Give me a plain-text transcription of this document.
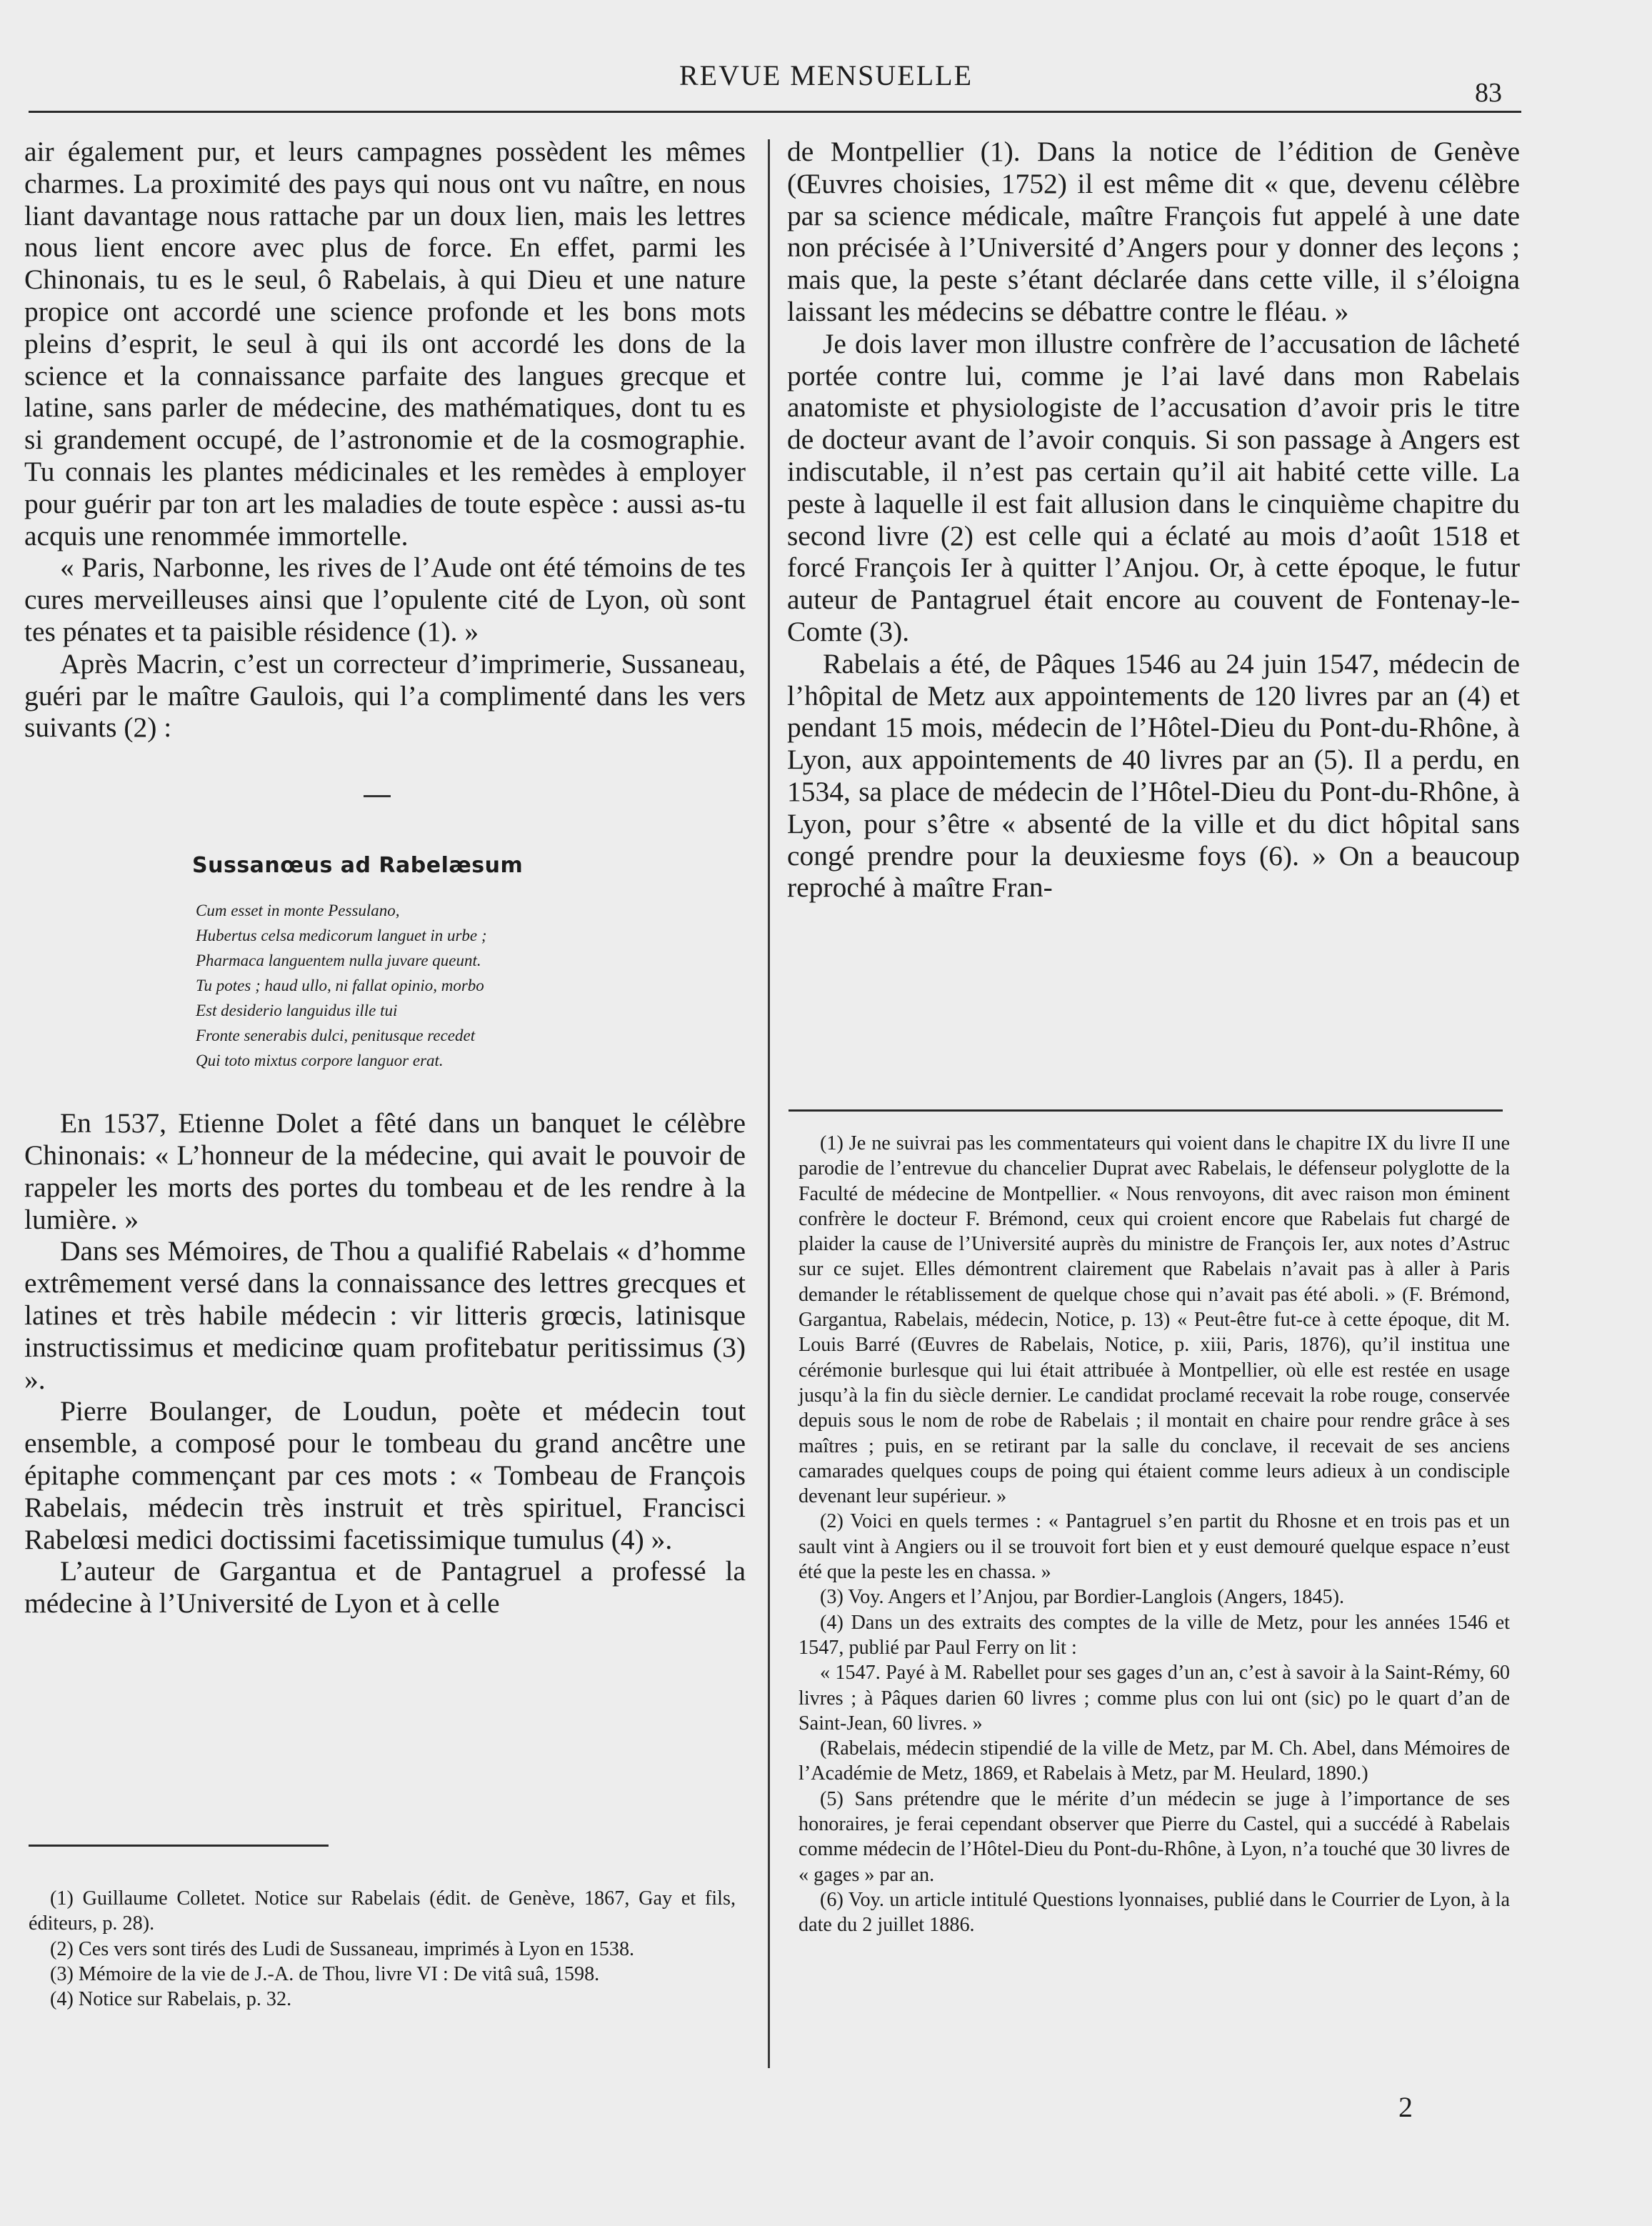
REVUE MENSUELLE
83

air également pur, et leurs campagnes possèdent les mêmes charmes. La proximité des pays qui nous ont vu naître, en nous liant davantage nous rattache par un doux lien, mais les lettres nous lient encore avec plus de force. En effet, parmi les Chinonais, tu es le seul, ô Rabelais, à qui Dieu et une nature propice ont accordé une science profonde et les bons mots pleins d’esprit, le seul à qui ils ont accordé les dons de la science et la connaissance parfaite des langues grecque et latine, sans parler de médecine, des mathématiques, dont tu es si grandement occupé, de l’astronomie et de la cosmographie. Tu connais les plantes médicinales et les remèdes à employer pour guérir par ton art les maladies de toute espèce : aussi as-tu acquis une renommée immortelle.

« Paris, Narbonne, les rives de l’Aude ont été témoins de tes cures merveilleuses ainsi que l’opulente cité de Lyon, où sont tes pénates et ta paisible résidence (1). »

Après Macrin, c’est un correcteur d’imprimerie, Sussaneau, guéri par le maître Gaulois, qui l’a complimenté dans les vers suivants (2) :

Sussanœus ad Rabelæsum
Cum esset in monte Pessulano,
Hubertus celsa medicorum languet in urbe ;
Pharmaca languentem nulla juvare queunt.
Tu potes ; haud ullo, ni fallat opinio, morbo
Est desiderio languidus ille tui
Fronte senerabis dulci, penitusque recedet
Qui toto mixtus corpore languor erat.

En 1537, Etienne Dolet a fêté dans un banquet le célèbre Chinonais: « L’honneur de la médecine, qui avait le pouvoir de rappeler les morts des portes du tombeau et de les rendre à la lumière. »

Dans ses Mémoires, de Thou a qualifié Rabelais « d’homme extrêmement versé dans la connaissance des lettres grecques et latines et très habile médecin : vir litteris grœcis, latinisque instructissimus et medicinœ quam profitebatur peritissimus (3) ».

Pierre Boulanger, de Loudun, poète et médecin tout ensemble, a composé pour le tombeau du grand ancêtre une épitaphe commençant par ces mots : « Tombeau de François Rabelais, médecin très instruit et très spirituel, Francisci Rabelœsi medici doctissimi facetissimique tumulus (4) ».

L’auteur de Gargantua et de Pantagruel a professé la médecine à l’Université de Lyon et à celle

(1) Guillaume Colletet. Notice sur Rabelais (édit. de Genève, 1867, Gay et fils, éditeurs, p. 28).

(2) Ces vers sont tirés des Ludi de Sussaneau, imprimés à Lyon en 1538.

(3) Mémoire de la vie de J.-A. de Thou, livre VI : De vitâ suâ, 1598.

(4) Notice sur Rabelais, p. 32.

de Montpellier (1). Dans la notice de l’édition de Genève (Œuvres choisies, 1752) il est même dit « que, devenu célèbre par sa science médicale, maître François fut appelé à une date non précisée à l’Université d’Angers pour y donner des leçons ; mais que, la peste s’étant déclarée dans cette ville, il s’éloigna laissant les médecins se débattre contre le fléau. »

Je dois laver mon illustre confrère de l’accusation de lâcheté portée contre lui, comme je l’ai lavé dans mon Rabelais anatomiste et physiologiste de l’accusation d’avoir pris le titre de docteur avant de l’avoir conquis. Si son passage à Angers est indiscutable, il n’est pas certain qu’il ait habité cette ville. La peste à laquelle il est fait allusion dans le cinquième chapitre du second livre (2) est celle qui a éclaté au mois d’août 1518 et forcé François Ier à quitter l’Anjou. Or, à cette époque, le futur auteur de Pantagruel était encore au couvent de Fontenay-le-Comte (3).

Rabelais a été, de Pâques 1546 au 24 juin 1547, médecin de l’hôpital de Metz aux appointements de 120 livres par an (4) et pendant 15 mois, médecin de l’Hôtel-Dieu du Pont-du-Rhône, à Lyon, aux appointements de 40 livres par an (5). Il a perdu, en 1534, sa place de médecin de l’Hôtel-Dieu du Pont-du-Rhône, à Lyon, pour s’être « absenté de la ville et du dict hôpital sans congé prendre pour la deuxiesme foys (6). » On a beaucoup reproché à maître Fran-

(1) Je ne suivrai pas les commentateurs qui voient dans le chapitre IX du livre II une parodie de l’entrevue du chancelier Duprat avec Rabelais, le défenseur polyglotte de la Faculté de médecine de Montpellier. « Nous renvoyons, dit avec raison mon éminent confrère le docteur F. Brémond, ceux qui croient encore que Rabelais fut chargé de plaider la cause de l’Université auprès du ministre de François Ier, aux notes d’Astruc sur ce sujet. Elles démontrent clairement que Rabelais n’avait pas à aller à Paris demander le rétablissement de quelque chose qui n’avait pas été aboli. » (F. Brémond, Gargantua, Rabelais, médecin, Notice, p. 13) « Peut-être fut-ce à cette époque, dit M. Louis Barré (Œuvres de Rabelais, Notice, p. xiii, Paris, 1876), qu’il institua une cérémonie burlesque qui lui était attribuée à Montpellier, où elle est restée en usage jusqu’à la fin du siècle dernier. Le candidat proclamé recevait la robe rouge, conservée depuis sous le nom de robe de Rabelais ; il montait en chaire pour rendre grâce à ses maîtres ; puis, en se retirant par la salle du conclave, il recevait de ses anciens camarades quelques coups de poing qui étaient comme leurs adieux à un condisciple devenant leur supérieur. »

(2) Voici en quels termes : « Pantagruel s’en partit du Rhosne et en trois pas et un sault vint à Angiers ou il se trouvoit fort bien et y eust demouré quelque espace n’eust été que la peste les en chassa. »

(3) Voy. Angers et l’Anjou, par Bordier-Langlois (Angers, 1845).

(4) Dans un des extraits des comptes de la ville de Metz, pour les années 1546 et 1547, publié par Paul Ferry on lit :

« 1547. Payé à M. Rabellet pour ses gages d’un an, c’est à savoir à la Saint-Rémy, 60 livres ; à Pâques darien 60 livres ; comme plus con lui ont (sic) po le quart d’an de Saint-Jean, 60 livres. »

(Rabelais, médecin stipendié de la ville de Metz, par M. Ch. Abel, dans Mémoires de l’Académie de Metz, 1869, et Rabelais à Metz, par M. Heulard, 1890.)

(5) Sans prétendre que le mérite d’un médecin se juge à l’importance de ses honoraires, je ferai cependant observer que Pierre du Castel, qui a succédé à Rabelais comme médecin de l’Hôtel-Dieu du Pont-du-Rhône, à Lyon, n’a touché que 30 livres de « gages » par an.

(6) Voy. un article intitulé Questions lyonnaises, publié dans le Courrier de Lyon, à la date du 2 juillet 1886.

2
